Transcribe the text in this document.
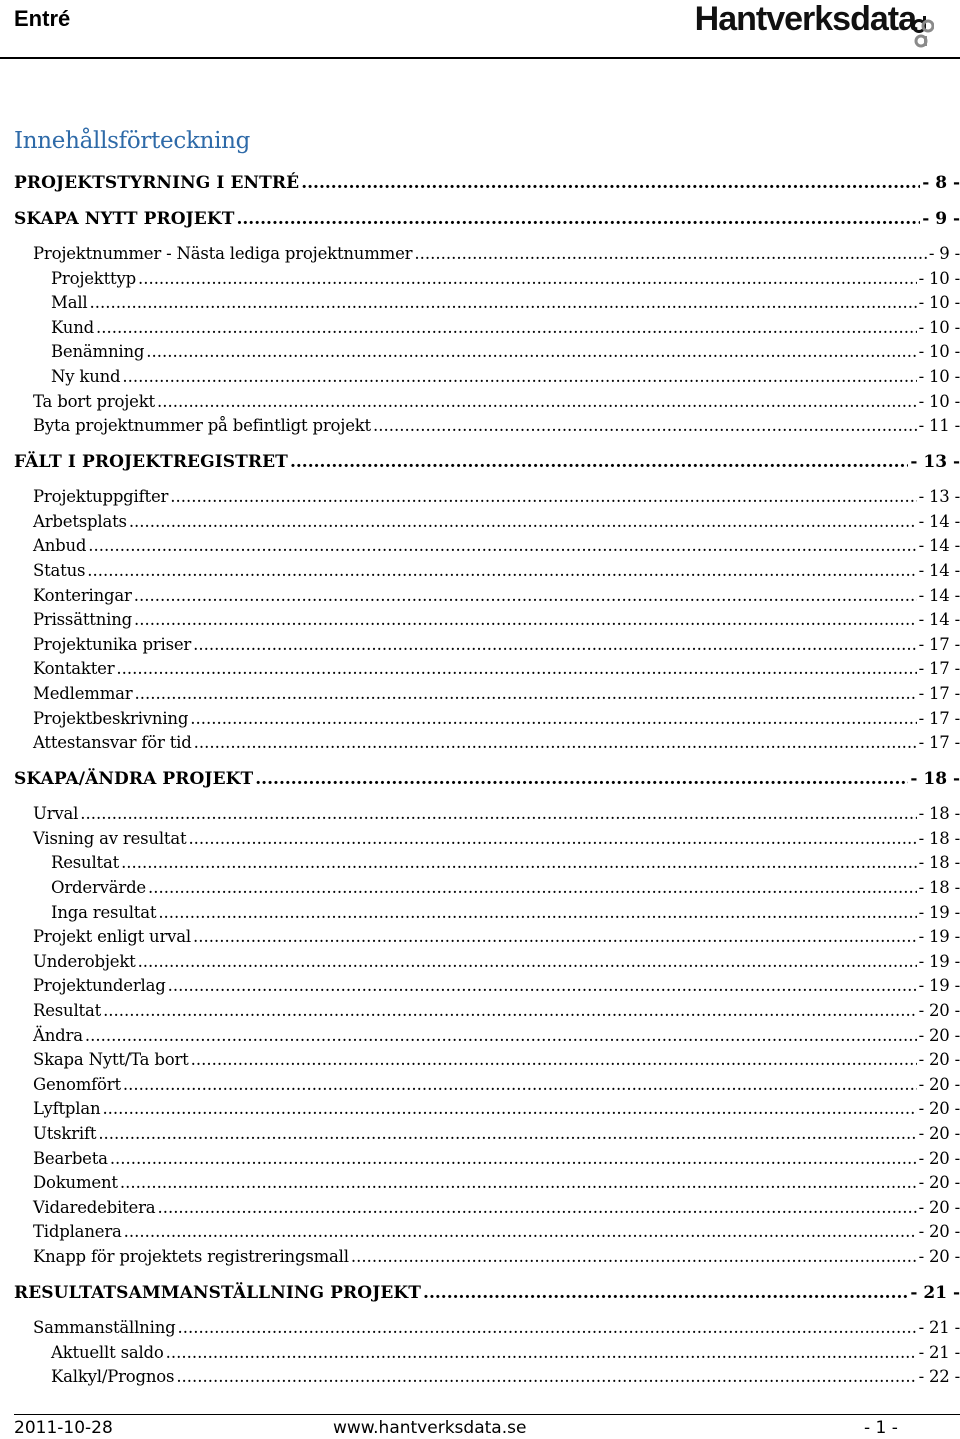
Entré	Hantverksdata
Innehållsförteckning
PROJEKTSTYRNING I ENTRÉ .....	- 8 -
SKAPA NYTT PROJEKT .....	- 9 -
Projektnummer - Nästa lediga projektnummer .....	- 9 -
Projekttyp .....	- 10 -
Mall .....	- 10 -
Kund .....	- 10 -
Benämning .....	- 10 -
Ny kund .....	- 10 -
Ta bort projekt .....	- 10 -
Byta projektnummer på befintligt projekt .....	- 11 -
FÄLT I PROJEKTREGISTRET .....	- 13 -
Projektuppgifter .....	- 13 -
Arbetsplats .....	- 14 -
Anbud .....	- 14 -
Status .....	- 14 -
Konteringar .....	- 14 -
Prissättning .....	- 14 -
Projektunika priser .....	- 17 -
Kontakter .....	- 17 -
Medlemmar .....	- 17 -
Projektbeskrivning .....	- 17 -
Attestansvar för tid .....	- 17 -
SKAPA/ÄNDRA PROJEKT .....	- 18 -
Urval .....	- 18 -
Visning av resultat .....	- 18 -
Resultat .....	- 18 -
Ordervärde .....	- 18 -
Inga resultat .....	- 19 -
Projekt enligt urval .....	- 19 -
Underobjekt .....	- 19 -
Projektunderlag .....	- 19 -
Resultat .....	- 20 -
Ändra .....	- 20 -
Skapa Nytt/Ta bort .....	- 20 -
Genomfört .....	- 20 -
Lyftplan .....	- 20 -
Utskrift .....	- 20 -
Bearbeta .....	- 20 -
Dokument .....	- 20 -
Vidaredebitera .....	- 20 -
Tidplanera .....	- 20 -
Knapp för projektets registreringsmall .....	- 20 -
RESULTATSAMMANSTÄLLNING PROJEKT .....	- 21 -
Sammanställning .....	- 21 -
Aktuellt saldo .....	- 21 -
Kalkyl/Prognos .....	- 22 -
2011-10-28	www.hantverksdata.se	- 1 -
